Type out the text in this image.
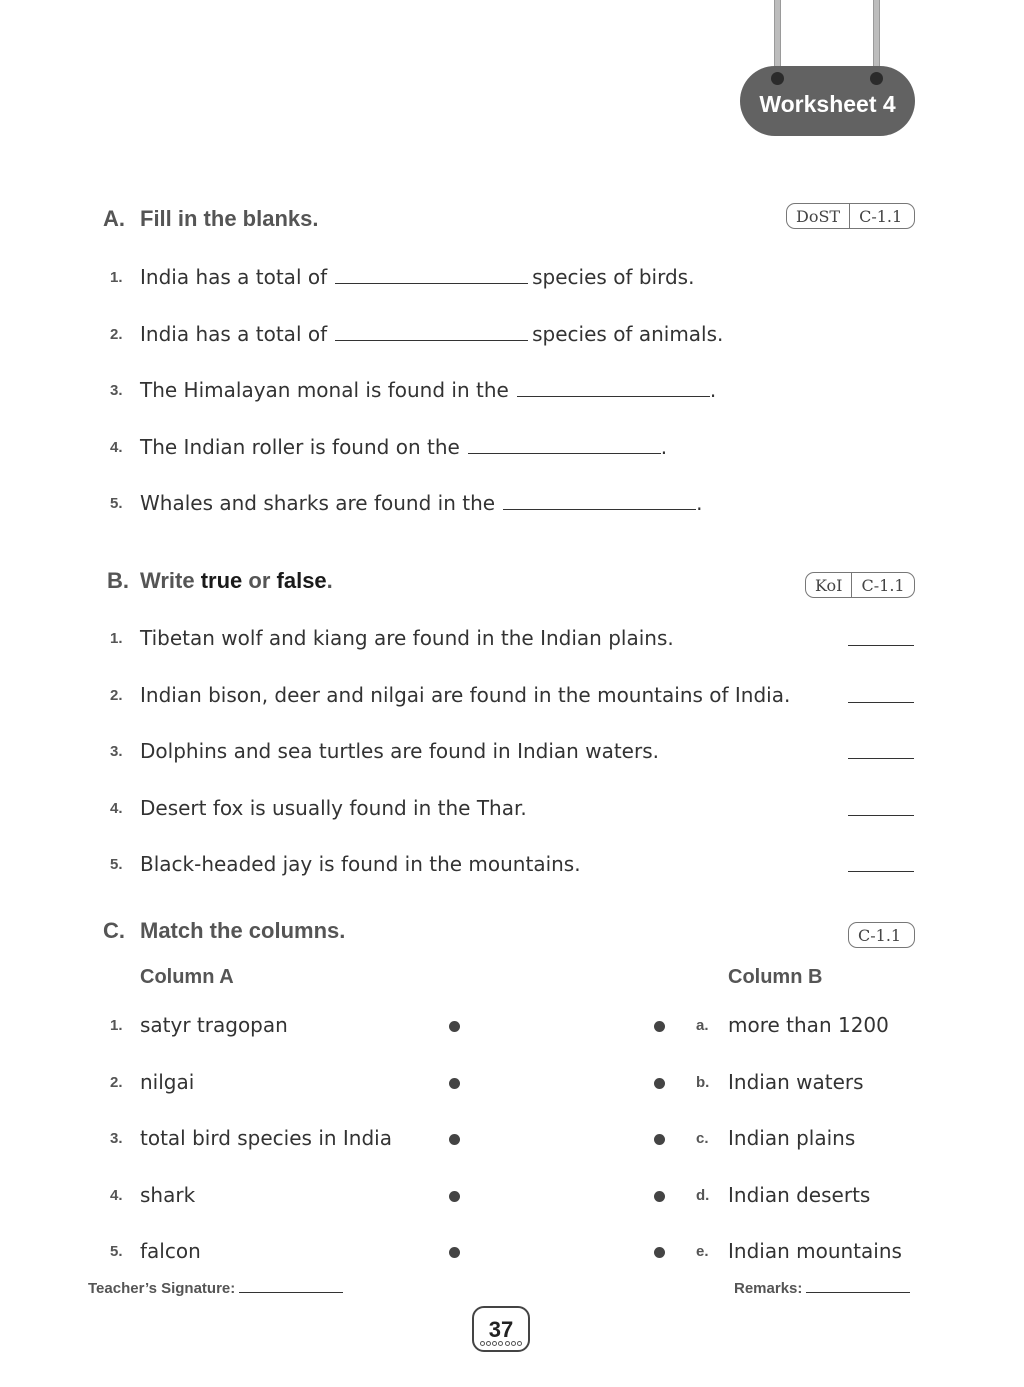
Worksheet 4
A. Fill in the blanks.	DoST	C-1.1
1. India has a total of	species of birds.
2. India has a total of	species of animals.
3. The Himalayan monal is found in the	.
4. The Indian roller is found on the	.
5. Whales and sharks are found in the	.
B. Write true or false.	KoI	C-1.1
1. Tibetan wolf and kiang are found in the Indian plains.
2. Indian bison, deer and nilgai are found in the mountains of India.
3. Dolphins and sea turtles are found in Indian waters.
4. Desert fox is usually found in the Thar.
5. Black-headed jay is found in the mountains.
C. Match the columns.	C-1.1
Column A	Column B
1. satyr tragopan	a. more than 1200
2. nilgai	b. Indian waters
3. total bird species in India	c. Indian plains
4. shark	d. Indian deserts
5. falcon	e. Indian mountains
Teacher’s Signature:	Remarks:
37
